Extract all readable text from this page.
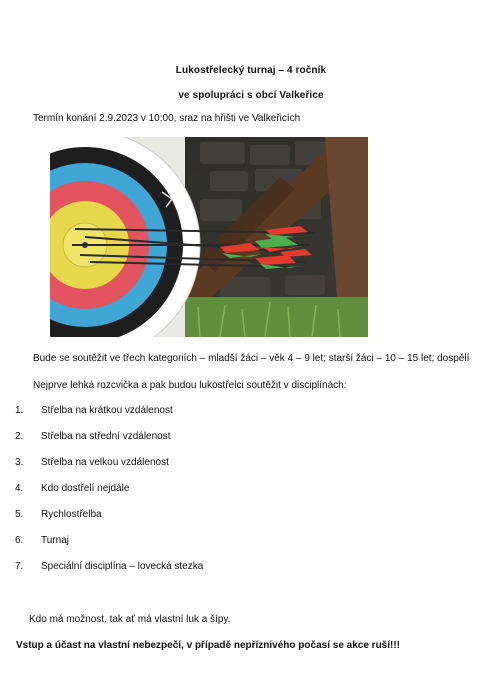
Lukostřelecký turnaj – 4 ročník
ve spolupráci s obcí Valkeřice
Termín konání 2.9.2023 v 10:00, sraz na hřišti ve Valkeřicích
Bude se soutěžit ve třech kategoriích – mladší žáci – věk 4 – 9 let; starší žáci – 10 – 15 let; dospělí
Nejprve lehká rozcvička a pak budou lukostřelci soutěžit v disciplínách:
1. Střelba na krátkou vzdálenost
2. Střelba na střední vzdálenost
3. Střelba na velkou vzdálenost
4. Kdo dostřelí nejdále
5. Rychlostřelba
6. Turnaj
7. Speciální disciplína – lovecká stezka
Kdo má možnost, tak ať má vlastní luk a šípy.
Vstup a účast na vlastní nebezpečí, v případě nepříznivého počasí se akce ruší!!!
